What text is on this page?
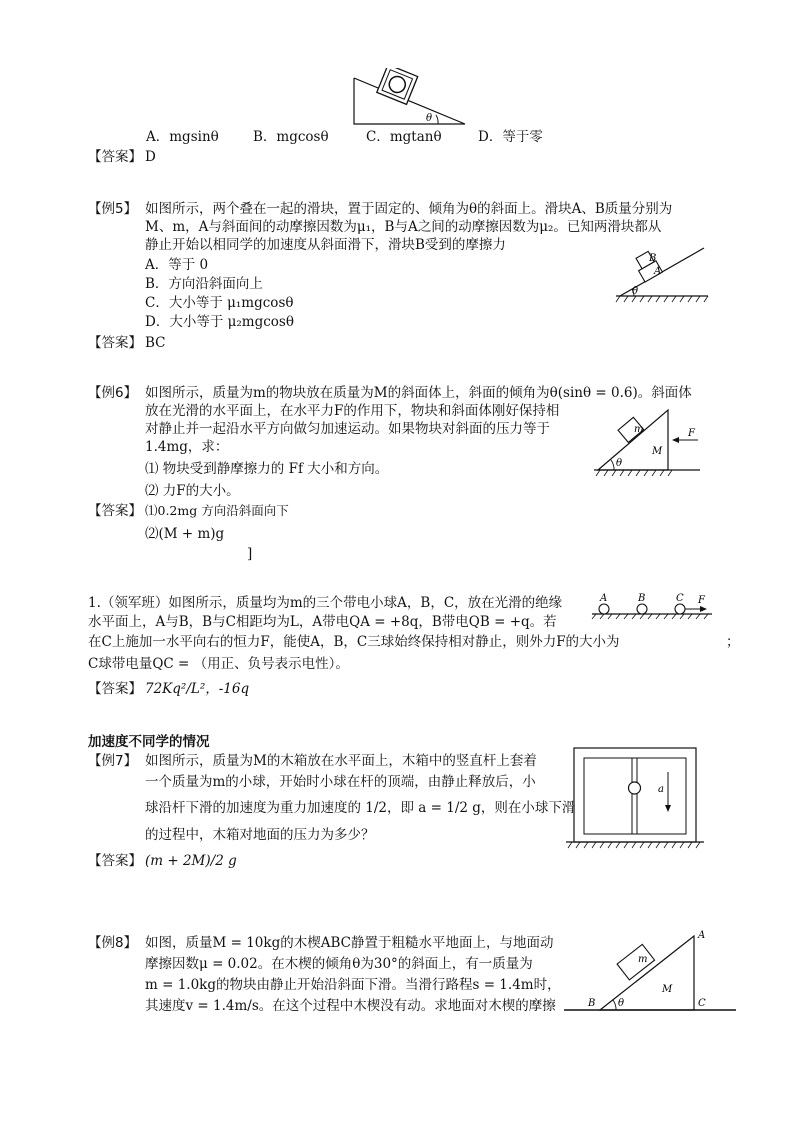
θ
A．mgsinθ	B．mgcosθ	C．mgtanθ	D．等于零
【答案】 D
【例5】 如图所示，两个叠在一起的滑块，置于固定的、倾角为θ的斜面上。滑块A、B质量分别为
M、m，A与斜面间的动摩擦因数为μ₁，B与A之间的动摩擦因数为μ₂。已知两滑块都从
静止开始以相同学的加速度从斜面滑下，滑块B受到的摩擦力
A．等于 0
B．方向沿斜面向上
C．大小等于 μ₁mgcosθ
D．大小等于 μ₂mgcosθ
B
A
θ
【答案】 BC
【例6】 如图所示，质量为m的物块放在质量为M的斜面体上，斜面的倾角为θ(sinθ = 0.6)。斜面体
放在光滑的水平面上，在水平力F的作用下，物块和斜面体刚好保持相
对静止并一起沿水平方向做匀加速运动。如果物块对斜面的压力等于
1.4mg，求：
⑴ 物块受到静摩擦力的 Ff 大小和方向。
⑵ 力F的大小。
m
M
F
θ
【答案】 ⑴0.2mg 方向沿斜面向下
⑵(M + m)g
]
1.（领军班）如图所示，质量均为m的三个带电小球A，B，C，放在光滑的绝缘
水平面上，A与B，B与C相距均为L，A带电QA = +8q，B带电QB = +q。若
在C上施加一水平向右的恒力F，能使A，B，C三球始终保持相对静止，则外力F的大小为	；
C球带电量QC = （用正、负号表示电性）。
A	B	C F
【答案】 72Kq²/L²，-16q
加速度不同学的情况
【例7】 如图所示，质量为M的木箱放在水平面上，木箱中的竖直杆上套着
一个质量为m的小球，开始时小球在杆的顶端，由静止释放后，小
球沿杆下滑的加速度为重力加速度的 1/2，即 a = 1/2 g，则在小球下滑
的过程中，木箱对地面的压力为多少？
a
【答案】 (m + 2M)/2 g
【例8】 如图，质量M = 10kg的木楔ABC静置于粗糙水平地面上，与地面动
摩擦因数μ = 0.02。在木楔的倾角θ为30°的斜面上，有一质量为
m = 1.0kg的物块由静止开始沿斜面下滑。当滑行路程s = 1.4m时，
其速度v = 1.4m/s。在这个过程中木楔没有动。求地面对木楔的摩擦
m
M
A
B	C
θ
